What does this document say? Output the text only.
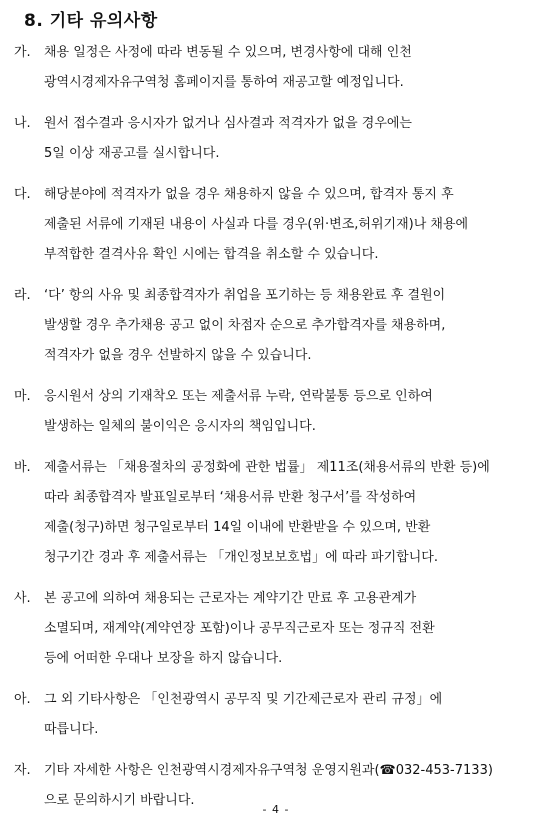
8. 기타 유의사항
가.	채용 일정은 사정에 따라 변동될 수 있으며, 변경사항에 대해 인천
광역시경제자유구역청 홈페이지를 통하여 재공고할 예정입니다.
나.	원서 접수결과 응시자가 없거나 심사결과 적격자가 없을 경우에는
5일 이상 재공고를 실시합니다.
다.	해당분야에 적격자가 없을 경우 채용하지 않을 수 있으며, 합격자 통지 후
제출된 서류에 기재된 내용이 사실과 다를 경우(위·변조,허위기재)나 채용에
부적합한 결격사유 확인 시에는 합격을 취소할 수 있습니다.
라.	‘다’ 항의 사유 및 최종합격자가 취업을 포기하는 등 채용완료 후 결원이
발생할 경우 추가채용 공고 없이 차점자 순으로 추가합격자를 채용하며,
적격자가 없을 경우 선발하지 않을 수 있습니다.
마.	응시원서 상의 기재착오 또는 제출서류 누락, 연락불통 등으로 인하여
발생하는 일체의 불이익은 응시자의 책임입니다.
바.	제출서류는 「채용절차의 공정화에 관한 법률」 제11조(채용서류의 반환 등)에
따라 최종합격자 발표일로부터 ‘채용서류 반환 청구서’를 작성하여
제출(청구)하면 청구일로부터 14일 이내에 반환받을 수 있으며, 반환
청구기간 경과 후 제출서류는 「개인정보보호법」에 따라 파기합니다.
사.	본 공고에 의하여 채용되는 근로자는 계약기간 만료 후 고용관계가
소멸되며, 재계약(계약연장 포함)이나 공무직근로자 또는 정규직 전환
등에 어떠한 우대나 보장을 하지 않습니다.
아.	그 외 기타사항은 「인천광역시 공무직 및 기간제근로자 관리 규정」에
따릅니다.
자.	기타 자세한 사항은 인천광역시경제자유구역청 운영지원과(☎032-453-7133)
으로 문의하시기 바랍니다.
- 4 -
